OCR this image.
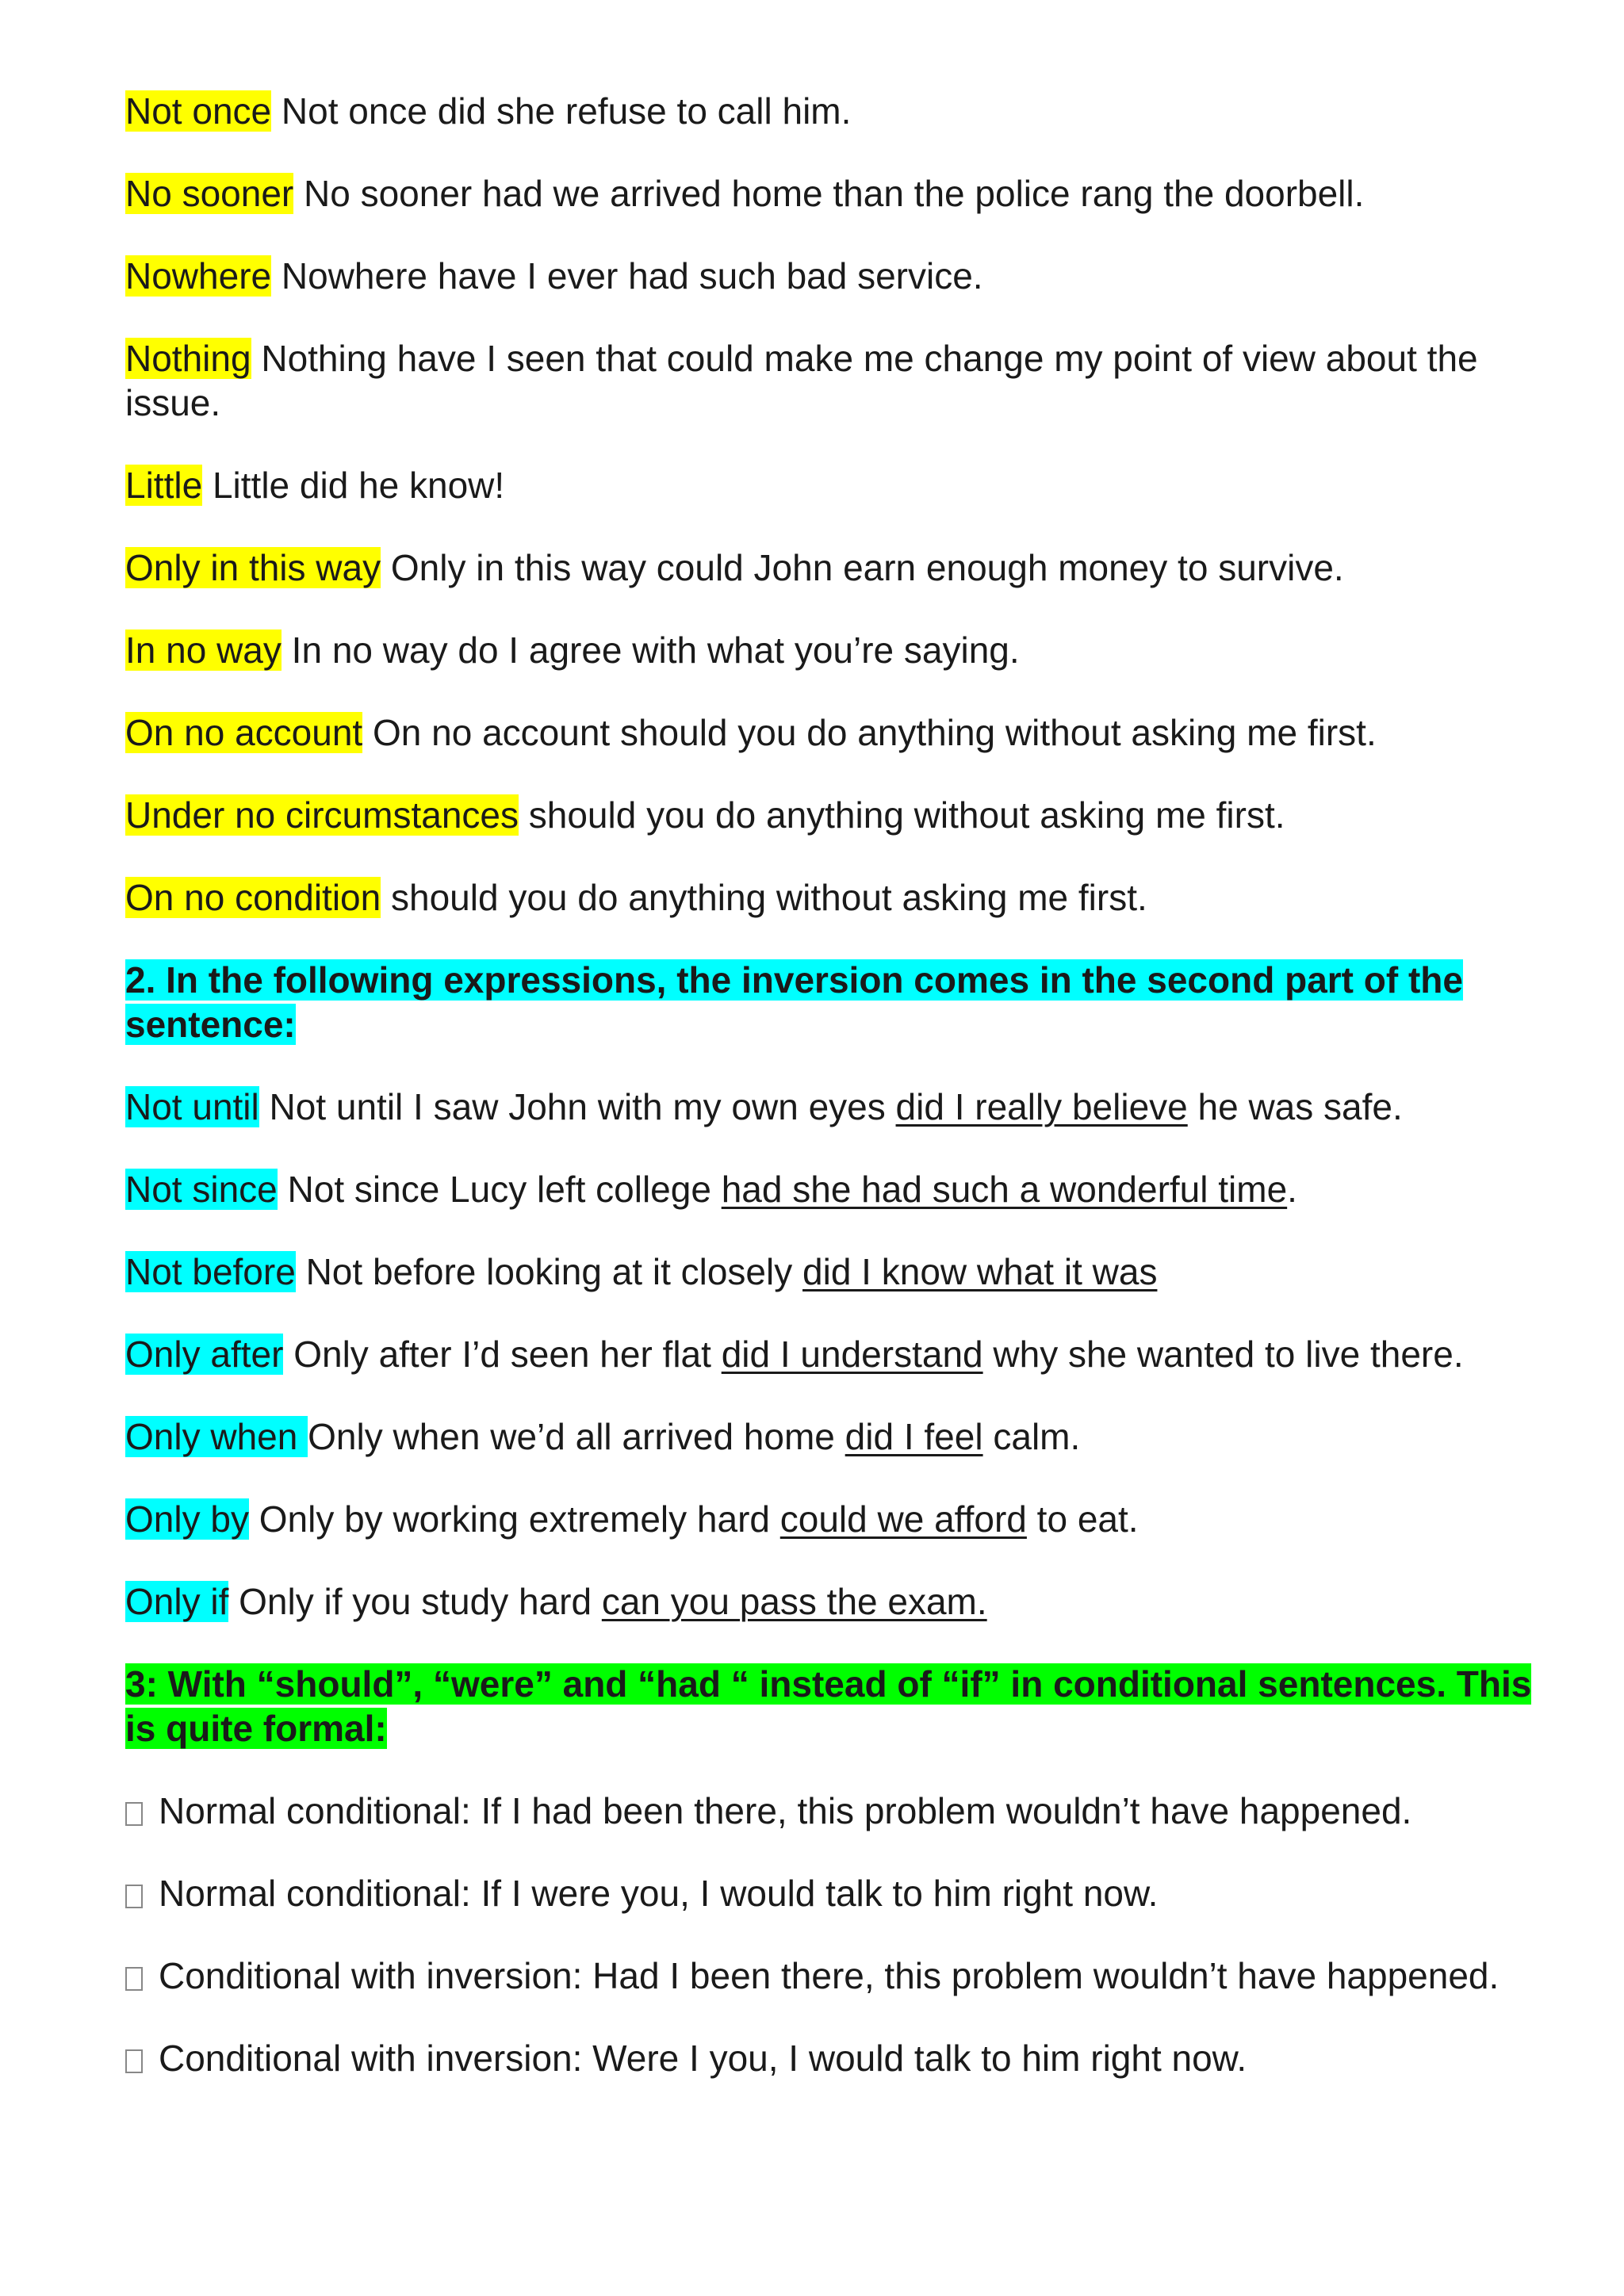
Not once Not once did she refuse to call him.

No sooner No sooner had we arrived home than the police rang the doorbell.

Nowhere Nowhere have I ever had such bad service.

Nothing Nothing have I seen that could make me change my point of view about the issue.

Little Little did he know!

Only in this way Only in this way could John earn enough money to survive.

In no way In no way do I agree with what you’re saying.

On no account On no account should you do anything without asking me first.

Under no circumstances should you do anything without asking me first.

On no condition should you do anything without asking me first.

2. In the following expressions, the inversion comes in the second part of the sentence:

Not until Not until I saw John with my own eyes did I really believe he was safe.

Not since Not since Lucy left college had she had such a wonderful time.

Not before Not before looking at it closely did I know what it was

Only after Only after I’d seen her flat did I understand why she wanted to live there.

Only when Only when we’d all arrived home did I feel calm.

Only by Only by working extremely hard could we afford to eat.

Only if Only if you study hard can you pass the exam.

3: With “should”, “were” and “had “ instead of “if” in conditional sentences. This is quite formal:

Normal conditional: If I had been there, this problem wouldn’t have happened.

Normal conditional: If I were you, I would talk to him right now.

Conditional with inversion: Had I been there, this problem wouldn’t have happened.

Conditional with inversion: Were I you, I would talk to him right now.
